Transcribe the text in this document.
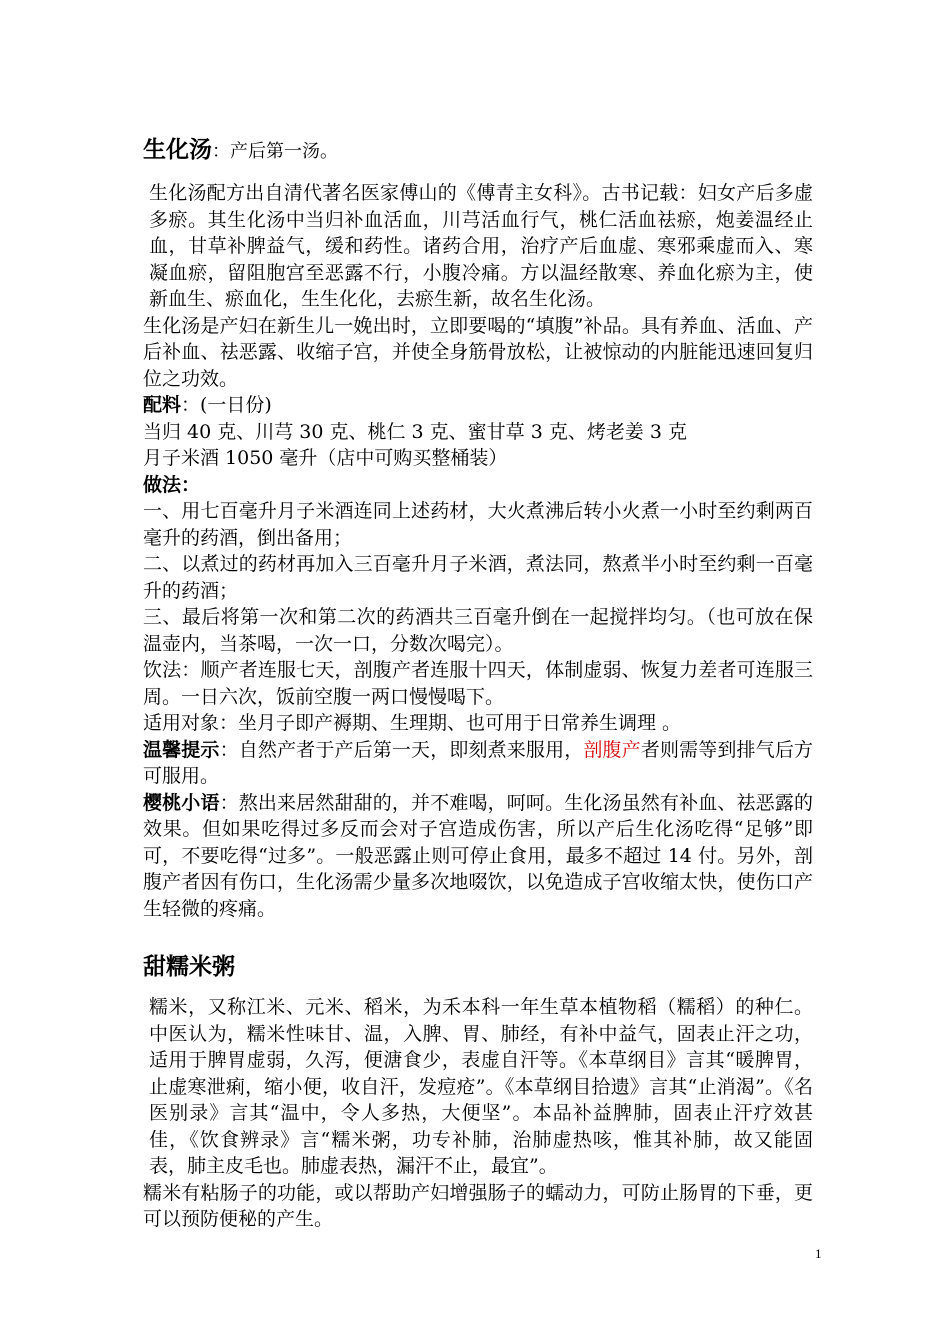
生化汤：产后第一汤。

生化汤配方出自清代著名医家傅山的《傅青主女科》。古书记载：妇女产后多虚多瘀。其生化汤中当归补血活血，川芎活血行气，桃仁活血祛瘀，炮姜温经止血，甘草补脾益气，缓和药性。诸药合用，治疗产后血虚、寒邪乘虚而入、寒凝血瘀，留阻胞宫至恶露不行，小腹冷痛。方以温经散寒、养血化瘀为主，使新血生、瘀血化，生生化化，去瘀生新，故名生化汤。

生化汤是产妇在新生儿一娩出时，立即要喝的“填腹”补品。具有养血、活血、产后补血、祛恶露、收缩子宫，并使全身筋骨放松，让被惊动的内脏能迅速回复归位之功效。

配料：(一日份)

当归 40 克、川芎 30 克、桃仁 3 克、蜜甘草 3 克、烤老姜 3 克

月子米酒 1050 毫升（店中可购买整桶装）

做法：

一、用七百毫升月子米酒连同上述药材，大火煮沸后转小火煮一小时至约剩两百毫升的药酒，倒出备用；

二、以煮过的药材再加入三百毫升月子米酒，煮法同，熬煮半小时至约剩一百毫升的药酒；

三、最后将第一次和第二次的药酒共三百毫升倒在一起搅拌均匀。（也可放在保温壶内，当茶喝，一次一口，分数次喝完）。

饮法：顺产者连服七天，剖腹产者连服十四天，体制虚弱、恢复力差者可连服三周。一日六次，饭前空腹一两口慢慢喝下。

适用对象：坐月子即产褥期、生理期、也可用于日常养生调理 。

温馨提示：自然产者于产后第一天，即刻煮来服用，剖腹产者则需等到排气后方可服用。

樱桃小语：熬出来居然甜甜的，并不难喝，呵呵。生化汤虽然有补血、祛恶露的效果。但如果吃得过多反而会对子宫造成伤害，所以产后生化汤吃得“足够”即可，不要吃得“过多”。一般恶露止则可停止食用，最多不超过 14 付。另外，剖腹产者因有伤口，生化汤需少量多次地啜饮，以免造成子宫收缩太快，使伤口产生轻微的疼痛。

甜糯米粥

糯米，又称江米、元米、稻米，为禾本科一年生草本植物稻（糯稻）的种仁。中医认为，糯米性味甘、温，入脾、胃、肺经，有补中益气，固表止汗之功，适用于脾胃虚弱，久泻，便溏食少，表虚自汗等。《本草纲目》言其“暖脾胃，止虚寒泄痢，缩小便，收自汗，发痘疮”。《本草纲目拾遗》言其“止消渴”。《名医别录》言其“温中，令人多热，大便坚”。本品补益脾肺，固表止汗疗效甚佳，《饮食辨录》言“糯米粥，功专补肺，治肺虚热咳，惟其补肺，故又能固表，肺主皮毛也。肺虚表热，漏汗不止，最宜”。

糯米有粘肠子的功能，或以帮助产妇增强肠子的蠕动力，可防止肠胃的下垂，更可以预防便秘的产生。

1
